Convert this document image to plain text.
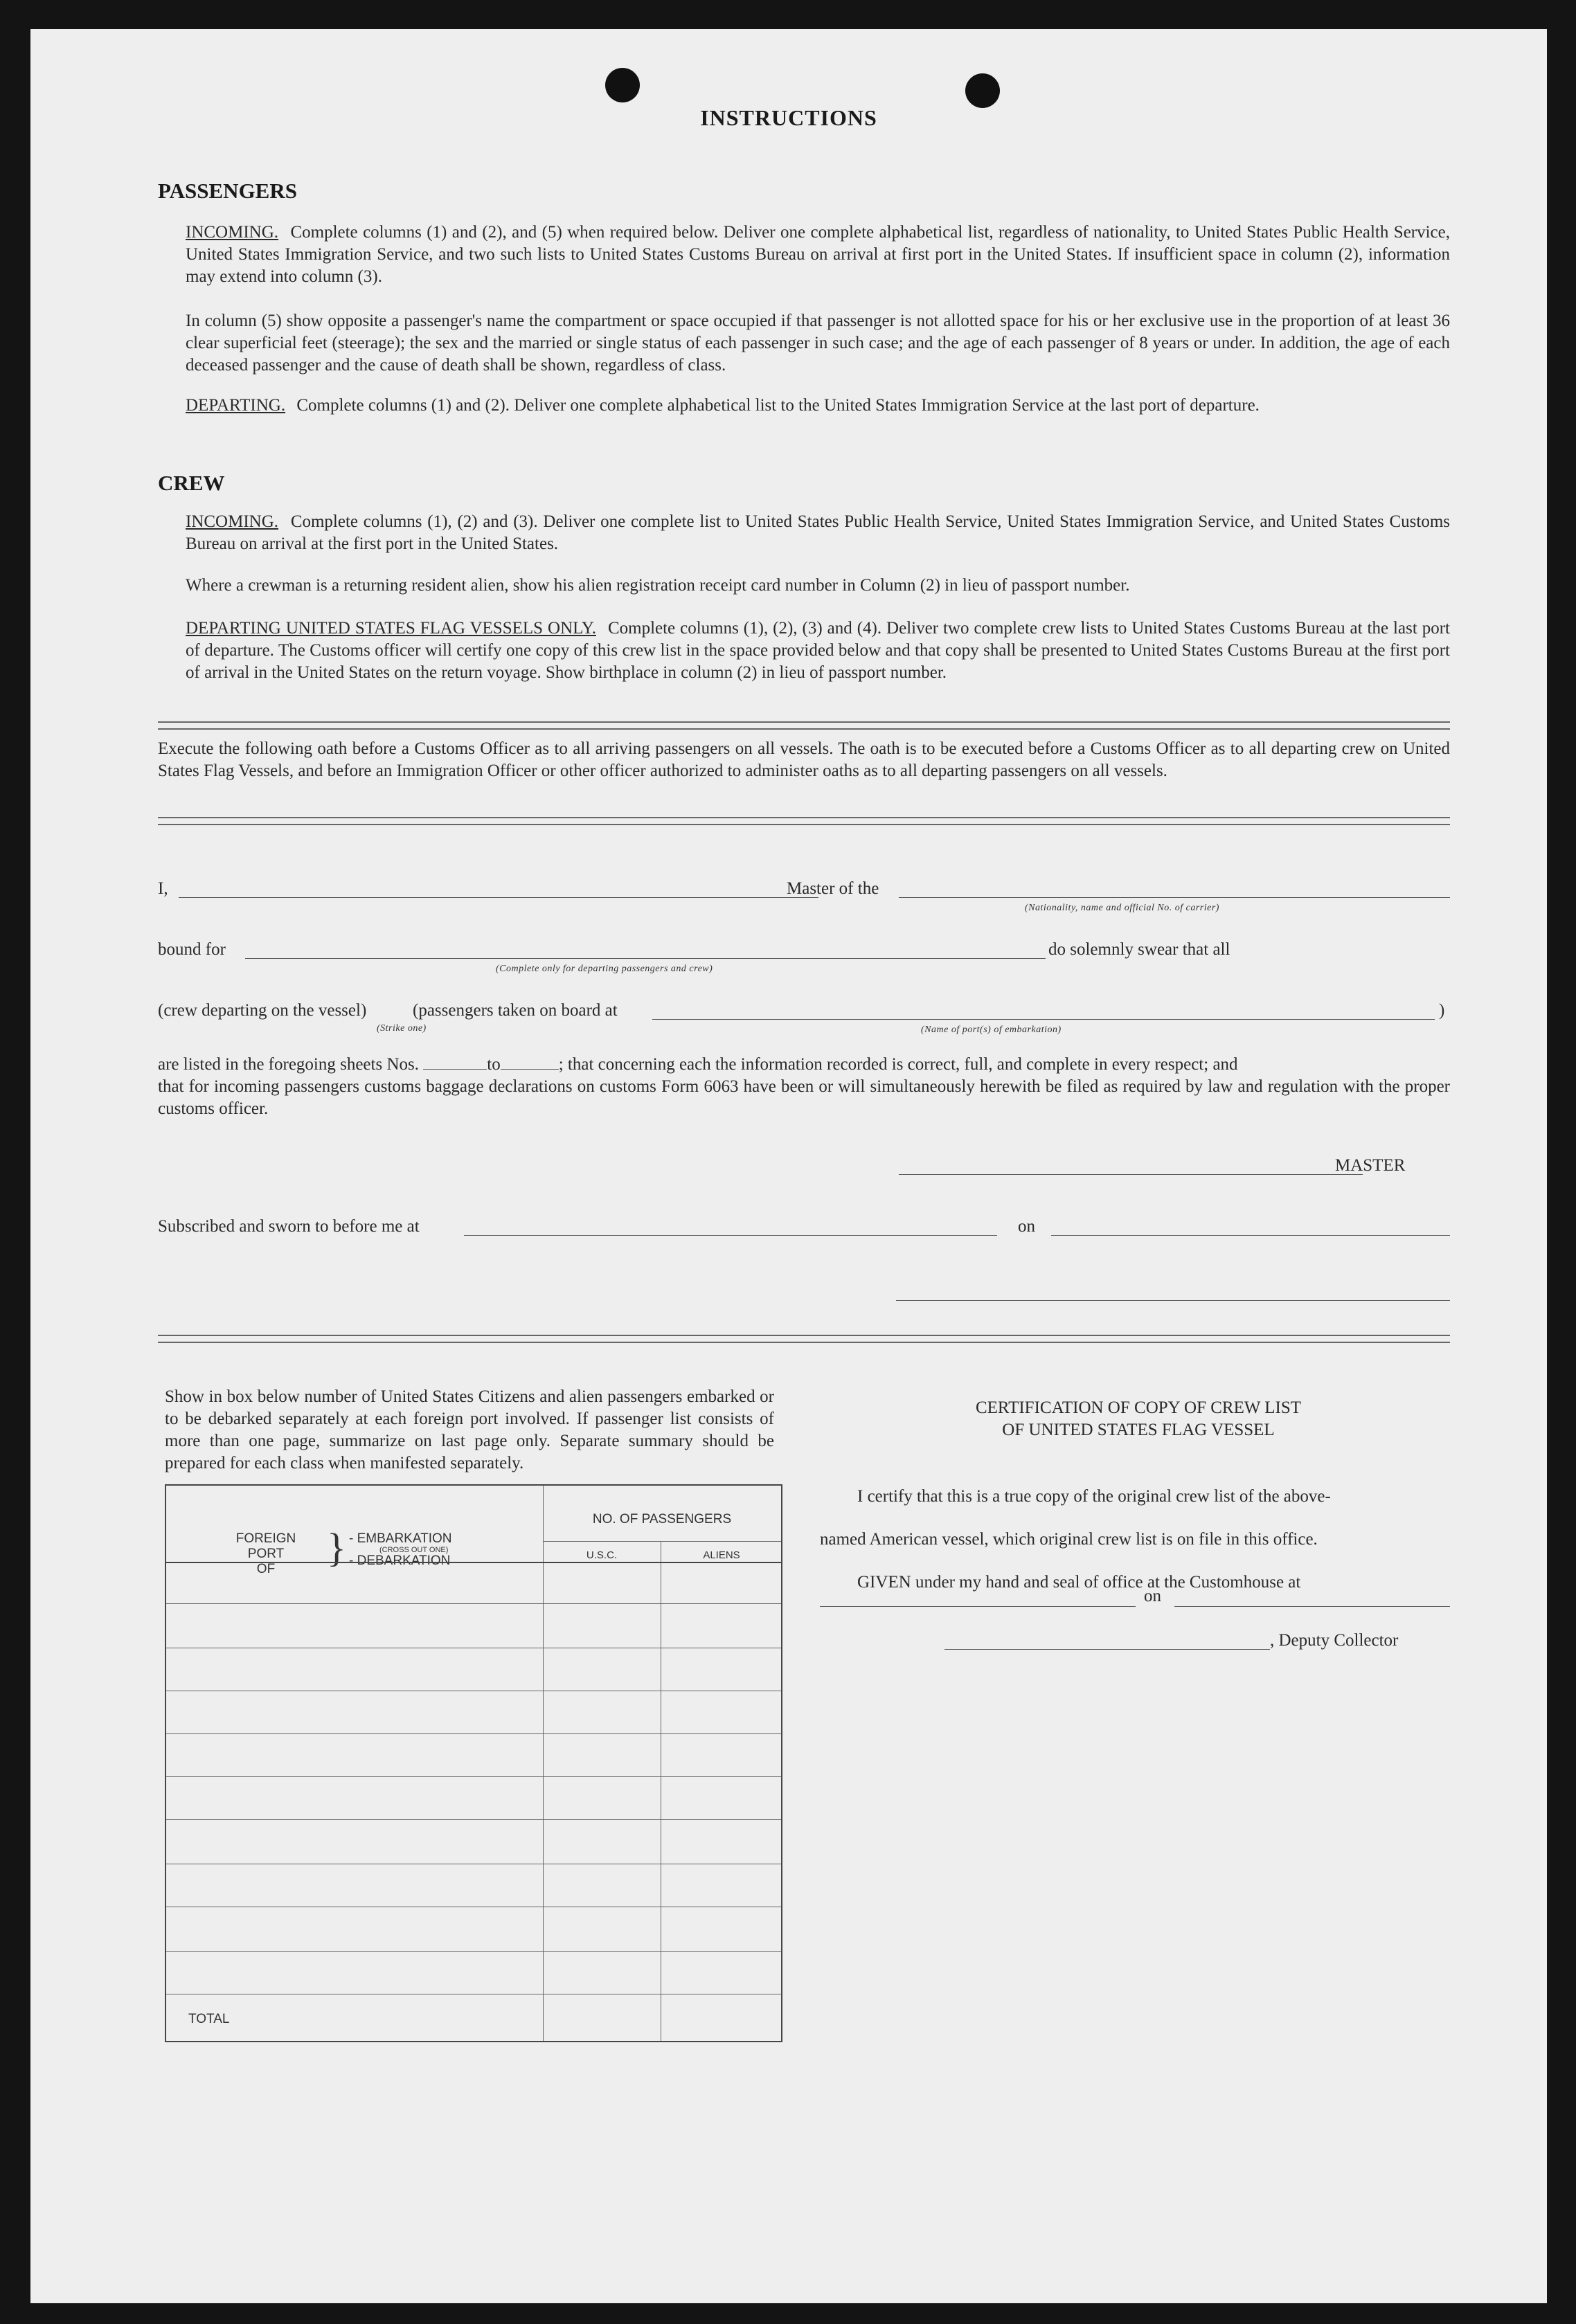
INSTRUCTIONS
PASSENGERS
INCOMING. Complete columns (1) and (2), and (5) when required below. Deliver one complete alphabetical list, regardless of nationality, to United States Public Health Service, United States Immigration Service, and two such lists to United States Customs Bureau on arrival at first port in the United States. If insufficient space in column (2), information may extend into column (3).
In column (5) show opposite a passenger's name the compartment or space occupied if that passenger is not allotted space for his or her exclusive use in the proportion of at least 36 clear superficial feet (steerage); the sex and the married or single status of each passenger in such case; and the age of each passenger of 8 years or under. In addition, the age of each deceased passenger and the cause of death shall be shown, regardless of class.
DEPARTING. Complete columns (1) and (2). Deliver one complete alphabetical list to the United States Immigration Service at the last port of departure.
CREW
INCOMING. Complete columns (1), (2) and (3). Deliver one complete list to United States Public Health Service, United States Immigration Service, and United States Customs Bureau on arrival at the first port in the United States.
Where a crewman is a returning resident alien, show his alien registration receipt card number in Column (2) in lieu of passport number.
DEPARTING UNITED STATES FLAG VESSELS ONLY. Complete columns (1), (2), (3) and (4). Deliver two complete crew lists to United States Customs Bureau at the last port of departure. The Customs officer will certify one copy of this crew list in the space provided below and that copy shall be presented to United States Customs Bureau at the first port of arrival in the United States on the return voyage. Show birthplace in column (2) in lieu of passport number.
Execute the following oath before a Customs Officer as to all arriving passengers on all vessels. The oath is to be executed before a Customs Officer as to all departing crew on United States Flag Vessels, and before an Immigration Officer or other officer authorized to administer oaths as to all departing passengers on all vessels.
I,	Master of the
(Nationality, name and official No. of carrier)
bound for
(Complete only for departing passengers and crew)
do solemnly swear that all
(crew departing on the vessel)
(Strike one)
(passengers taken on board at	)
(Name of port(s) of embarkation)
are listed in the foregoing sheets Nos.	to	; that concerning each the information recorded is correct, full, and complete in every respect; and
that for incoming passengers customs baggage declarations on customs Form 6063 have been or will simultaneously herewith be filed as required by law and regulation with the proper customs officer.
MASTER
Subscribed and sworn to before me at	on
Show in box below number of United States Citizens and alien passengers embarked or to be debarked separately at each foreign port involved. If passenger list consists of more than one page, summarize on last page only. Separate summary should be prepared for each class when manifested separately.
FOREIGN
PORT
OF	} - EMBARKATION
(CROSS OUT ONE)
- DEBARKATION
NO. OF PASSENGERS
U.S.C.	ALIENS
TOTAL
CERTIFICATION OF COPY OF CREW LIST
OF UNITED STATES FLAG VESSEL
I certify that this is a true copy of the original crew list of the above-
named American vessel, which original crew list is on file in this office.
GIVEN under my hand and seal of office at the Customhouse at
on
, Deputy Collector
